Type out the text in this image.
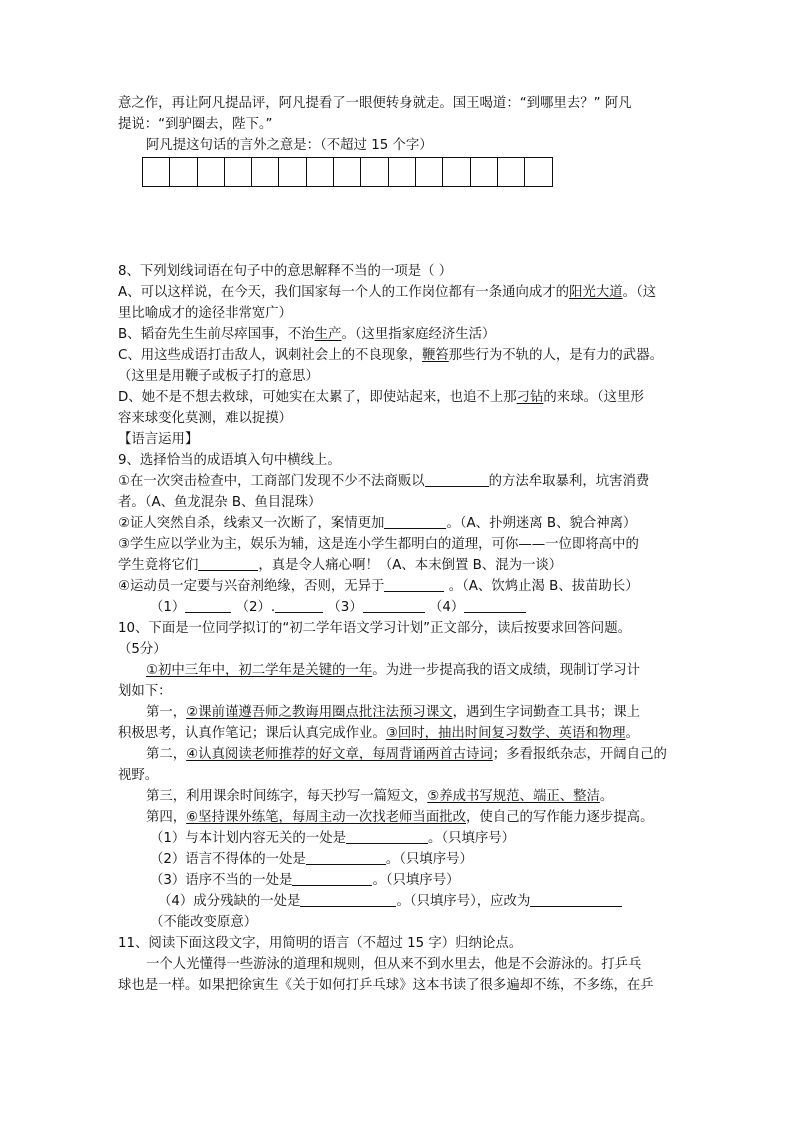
意之作，再让阿凡提品评，阿凡提看了一眼便转身就走。国王喝道：“到哪里去？” 阿凡
提说：“到驴圈去，陛下。”
阿凡提这句话的言外之意是：（不超过 15 个字）
8、下列划线词语在句子中的意思解释不当的一项是（ ）
A、可以这样说，在今天，我们国家每一个人的工作岗位都有一条通向成才的阳光大道。（这
里比喻成才的途径非常宽广）
B、韬奋先生生前尽瘁国事，不治生产。（这里指家庭经济生活）
C、用这些成语打击敌人，讽刺社会上的不良现象，鞭笞那些行为不轨的人，是有力的武器。
（这里是用鞭子或板子打的意思）
D、她不是不想去救球，可她实在太累了，即使站起来，也追不上那刁钻的来球。（这里形
容来球变化莫测，难以捉摸）
【语言运用】
9、选择恰当的成语填入句中横线上。
①在一次突击检查中，工商部门发现不少不法商贩以	的方法牟取暴利，坑害消费
者。（A、鱼龙混杂 B、鱼目混珠）
②证人突然自杀，线索又一次断了，案情更加	。（A、扑朔迷离 B、貌合神离）
③学生应以学业为主，娱乐为辅，这是连小学生都明白的道理，可你——一位即将高中的
学生竟将它们	，真是令人痛心啊！（A、本末倒置 B、混为一谈）
④运动员一定要与兴奋剂绝缘，否则，无异于	。（A、饮鸩止渴 B、拔苗助长）
（1）	（2）.	（3）	（4）
10、下面是一位同学拟订的“初二学年语文学习计划”正文部分，读后按要求回答问题。
（5分）
①初中三年中，初二学年是关键的一年。为进一步提高我的语文成绩，现制订学习计
划如下：
第一，②课前谨遵吾师之教诲用圈点批注法预习课文，遇到生字词勤查工具书；课上
积极思考，认真作笔记；课后认真完成作业。③回时，抽出时间复习数学、英语和物理。
第二，④认真阅读老师推荐的好文章，每周背诵两首古诗词；多看报纸杂志，开阔自己的
视野。
第三，利用课余时间练字，每天抄写一篇短文，⑤养成书写规范、端正、整洁。
第四，⑥坚持课外练笔，每周主动一次找老师当面批改，使自己的写作能力逐步提高。
（1）与本计划内容无关的一处是	。（只填序号）
（2）语言不得体的一处是	。（只填序号）
（3）语序不当的一处是	。（只填序号）
（4）成分残缺的一处是	。（只填序号），应改为
（不能改变原意）
11、阅读下面这段文字，用简明的语言（不超过 15 字）归纳论点。
一个人光懂得一些游泳的道理和规则，但从来不到水里去，他是不会游泳的。打乒乓
球也是一样。如果把徐寅生《关于如何打乒乓球》这本书读了很多遍却不练，不多练，在乒
